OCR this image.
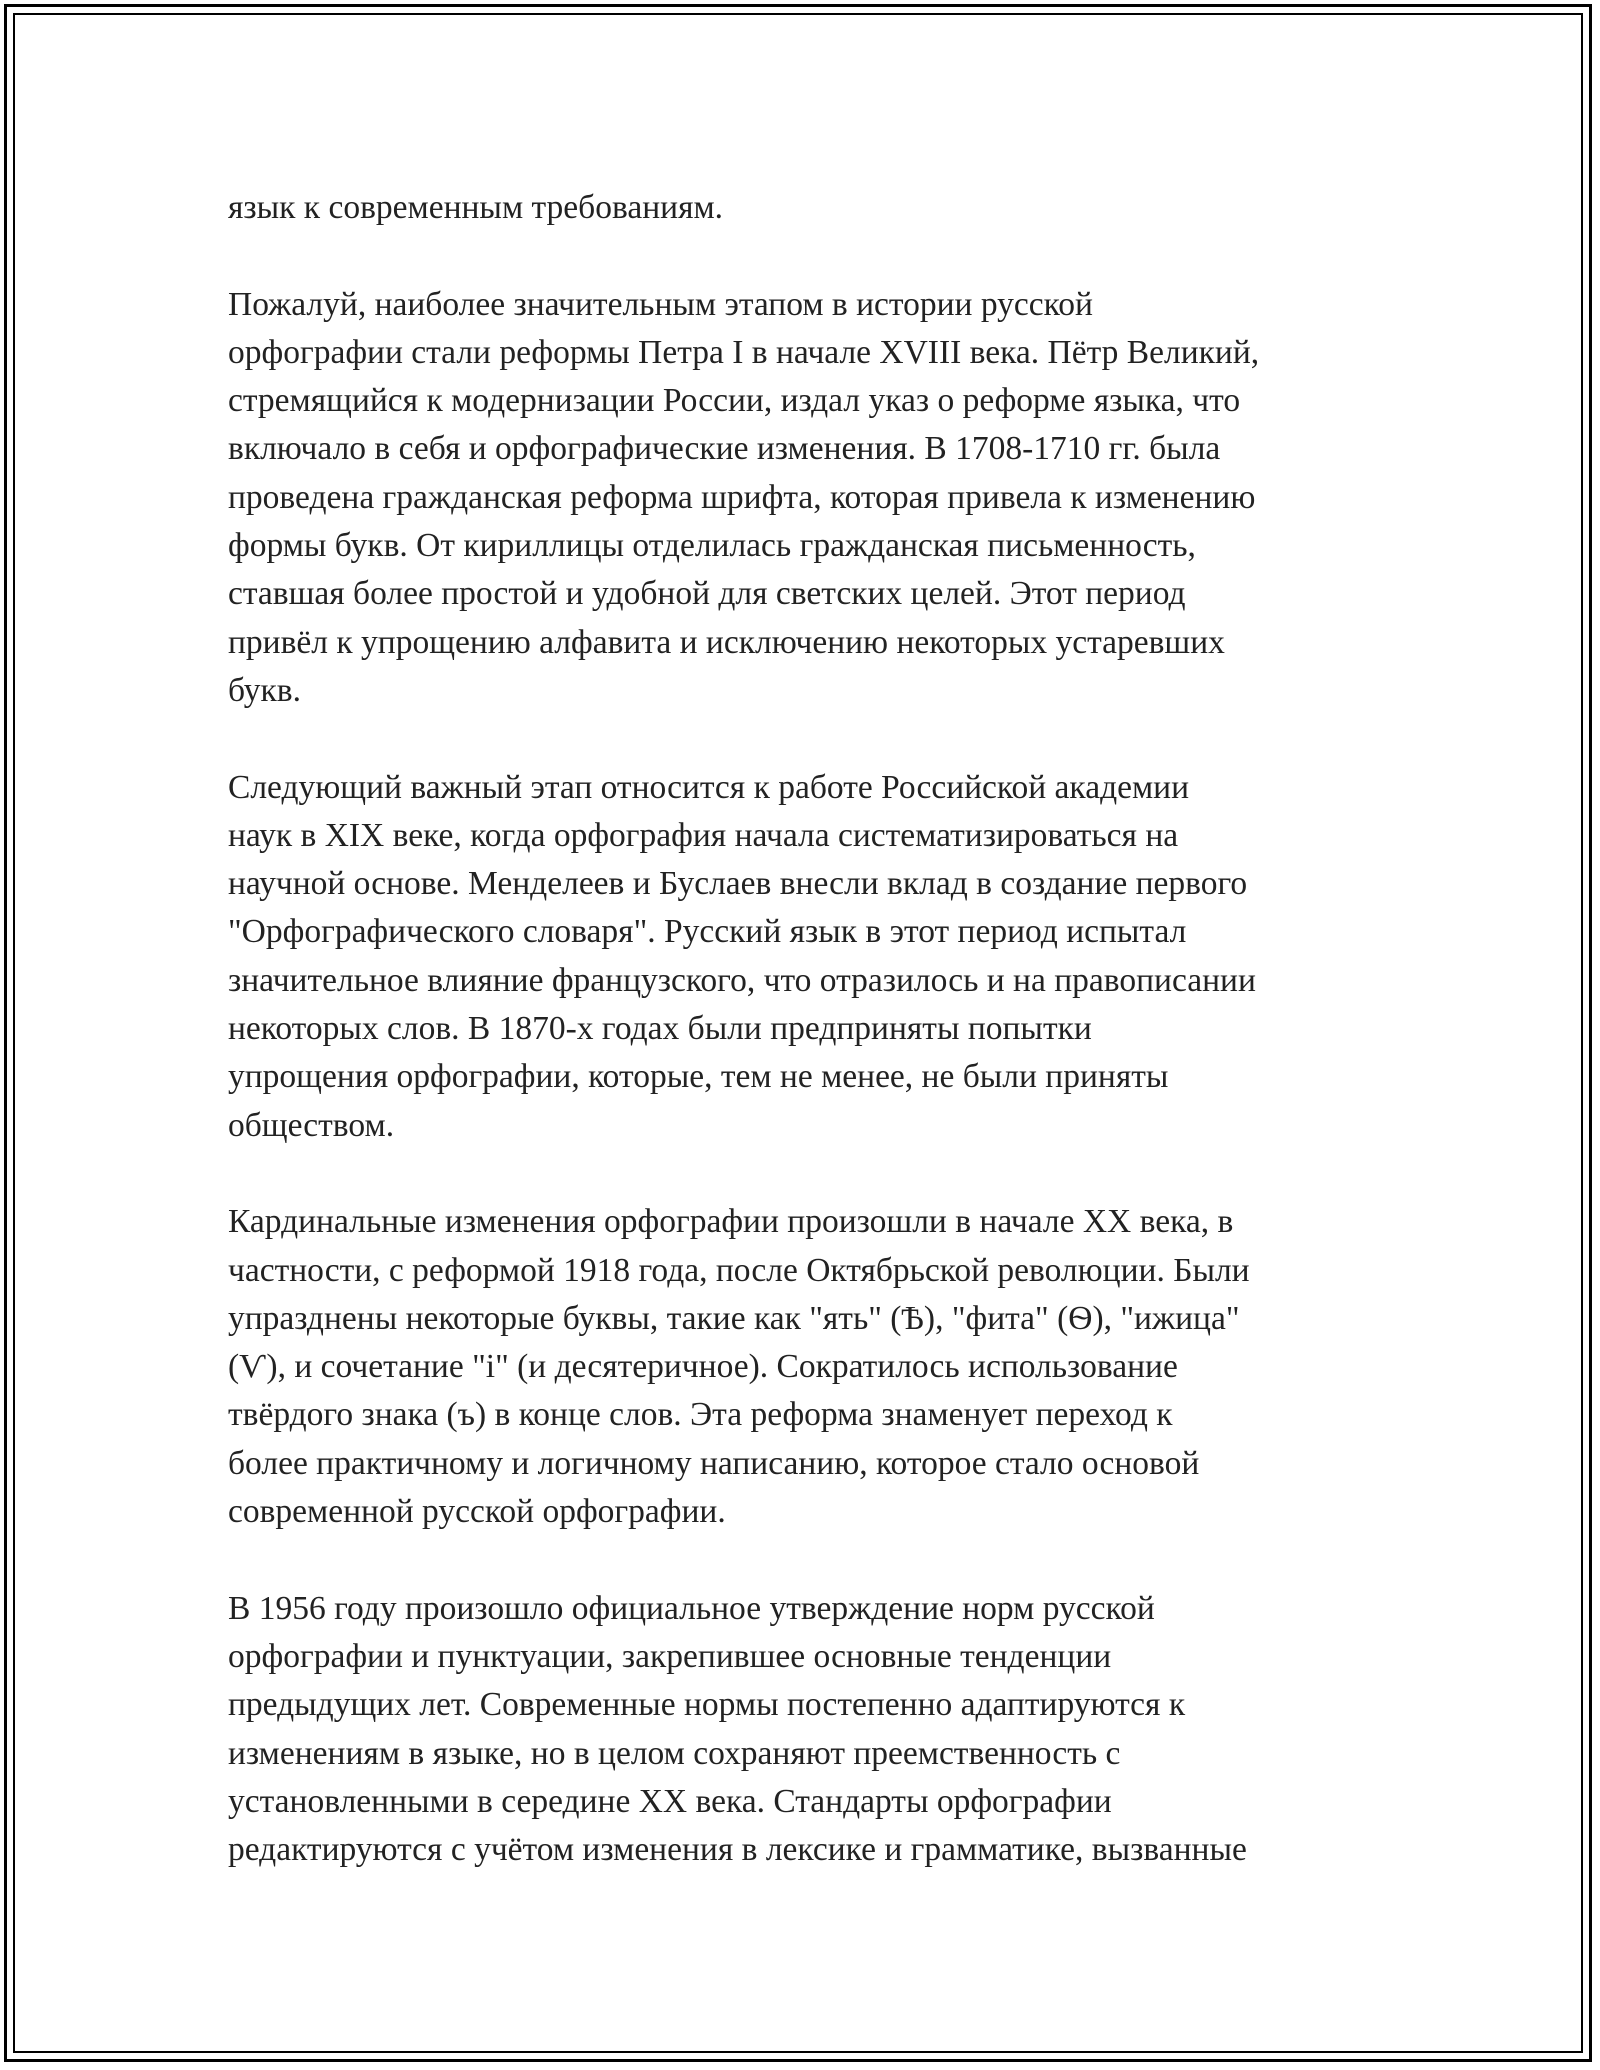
язык к современным требованиям.

Пожалуй, наиболее значительным этапом в истории русской
орфографии стали реформы Петра I в начале XVIII века. Пётр Великий,
стремящийся к модернизации России, издал указ о реформе языка, что
включало в себя и орфографические изменения. В 1708-1710 гг. была
проведена гражданская реформа шрифта, которая привела к изменению
формы букв. От кириллицы отделилась гражданская письменность,
ставшая более простой и удобной для светских целей. Этот период
привёл к упрощению алфавита и исключению некоторых устаревших
букв.

Следующий важный этап относится к работе Российской академии
наук в XIX веке, когда орфография начала систематизироваться на
научной основе. Менделеев и Буслаев внесли вклад в создание первого
"Орфографического словаря". Русский язык в этот период испытал
значительное влияние французского, что отразилось и на правописании
некоторых слов. В 1870-х годах были предприняты попытки
упрощения орфографии, которые, тем не менее, не были приняты
обществом.

Кардинальные изменения орфографии произошли в начале XX века, в
частности, с реформой 1918 года, после Октябрьской революции. Были
упразднены некоторые буквы, такие как "ять" (Ѣ), "фита" (Ѳ), "ижица"
(Ѵ), и сочетание "і" (и десятеричное). Сократилось использование
твёрдого знака (ъ) в конце слов. Эта реформа знаменует переход к
более практичному и логичному написанию, которое стало основой
современной русской орфографии.

В 1956 году произошло официальное утверждение норм русской
орфографии и пунктуации, закрепившее основные тенденции
предыдущих лет. Современные нормы постепенно адаптируются к
изменениям в языке, но в целом сохраняют преемственность с
установленными в середине XX века. Стандарты орфографии
редактируются с учётом изменения в лексике и грамматике, вызванные
